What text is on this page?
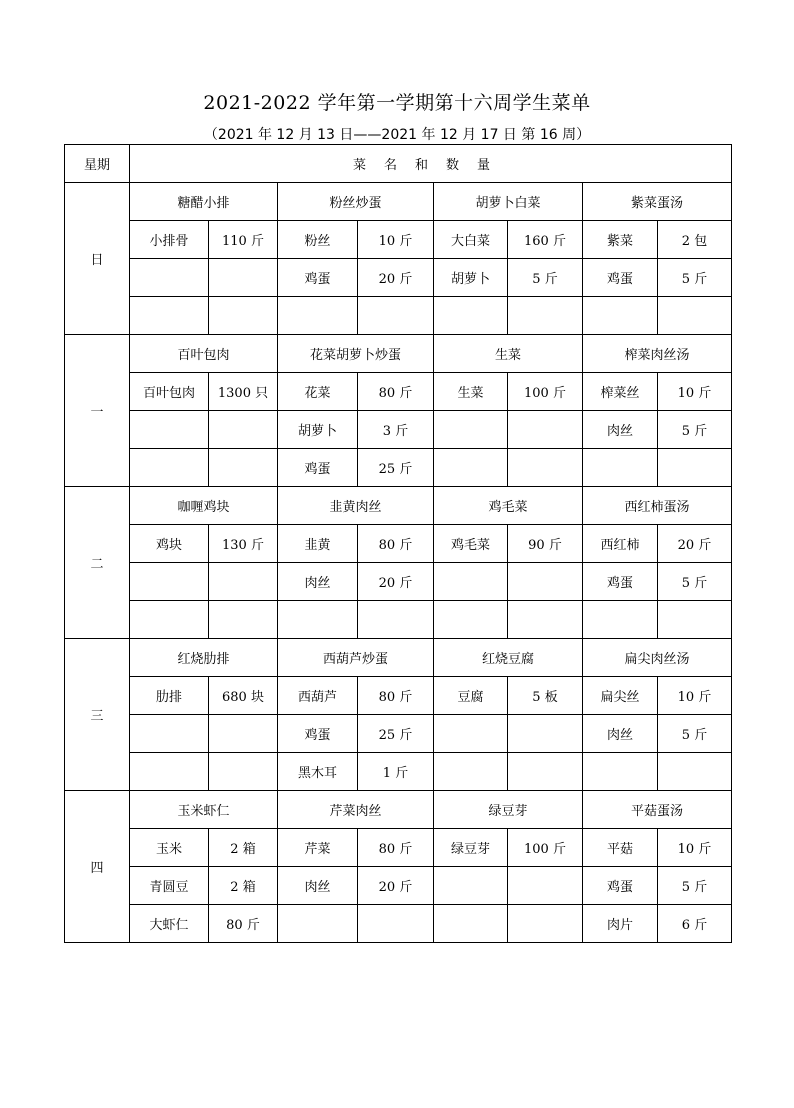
2021-2022 学年第一学期第十六周学生菜单
（2021 年 12 月 13 日——2021 年 12 月 17 日 第 16 周）
星期	菜名和数量							
日	糖醋小排		粉丝炒蛋		胡萝卜白菜		紫菜蛋汤	
	小排骨	110 斤	粉丝	10 斤	大白菜	160 斤	紫菜	2 包
			鸡蛋	20 斤	胡萝卜	5 斤	鸡蛋	5 斤

一	百叶包肉		花菜胡萝卜炒蛋		生菜		榨菜肉丝汤	
	百叶包肉	1300 只	花菜	80 斤	生菜	100 斤	榨菜丝	10 斤
			胡萝卜	3 斤			肉丝	5 斤
			鸡蛋	25 斤				
二	咖喱鸡块		韭黄肉丝		鸡毛菜		西红柿蛋汤	
	鸡块	130 斤	韭黄	80 斤	鸡毛菜	90 斤	西红柿	20 斤
			肉丝	20 斤			鸡蛋	5 斤

三	红烧肋排		西葫芦炒蛋		红烧豆腐		扁尖肉丝汤	
	肋排	680 块	西葫芦	80 斤	豆腐	5 板	扁尖丝	10 斤
			鸡蛋	25 斤			肉丝	5 斤
			黑木耳	1 斤				
四	玉米虾仁		芹菜肉丝		绿豆芽		平菇蛋汤	
	玉米	2 箱	芹菜	80 斤	绿豆芽	100 斤	平菇	10 斤
	青圆豆	2 箱	肉丝	20 斤			鸡蛋	5 斤
	大虾仁	80 斤					肉片	6 斤
